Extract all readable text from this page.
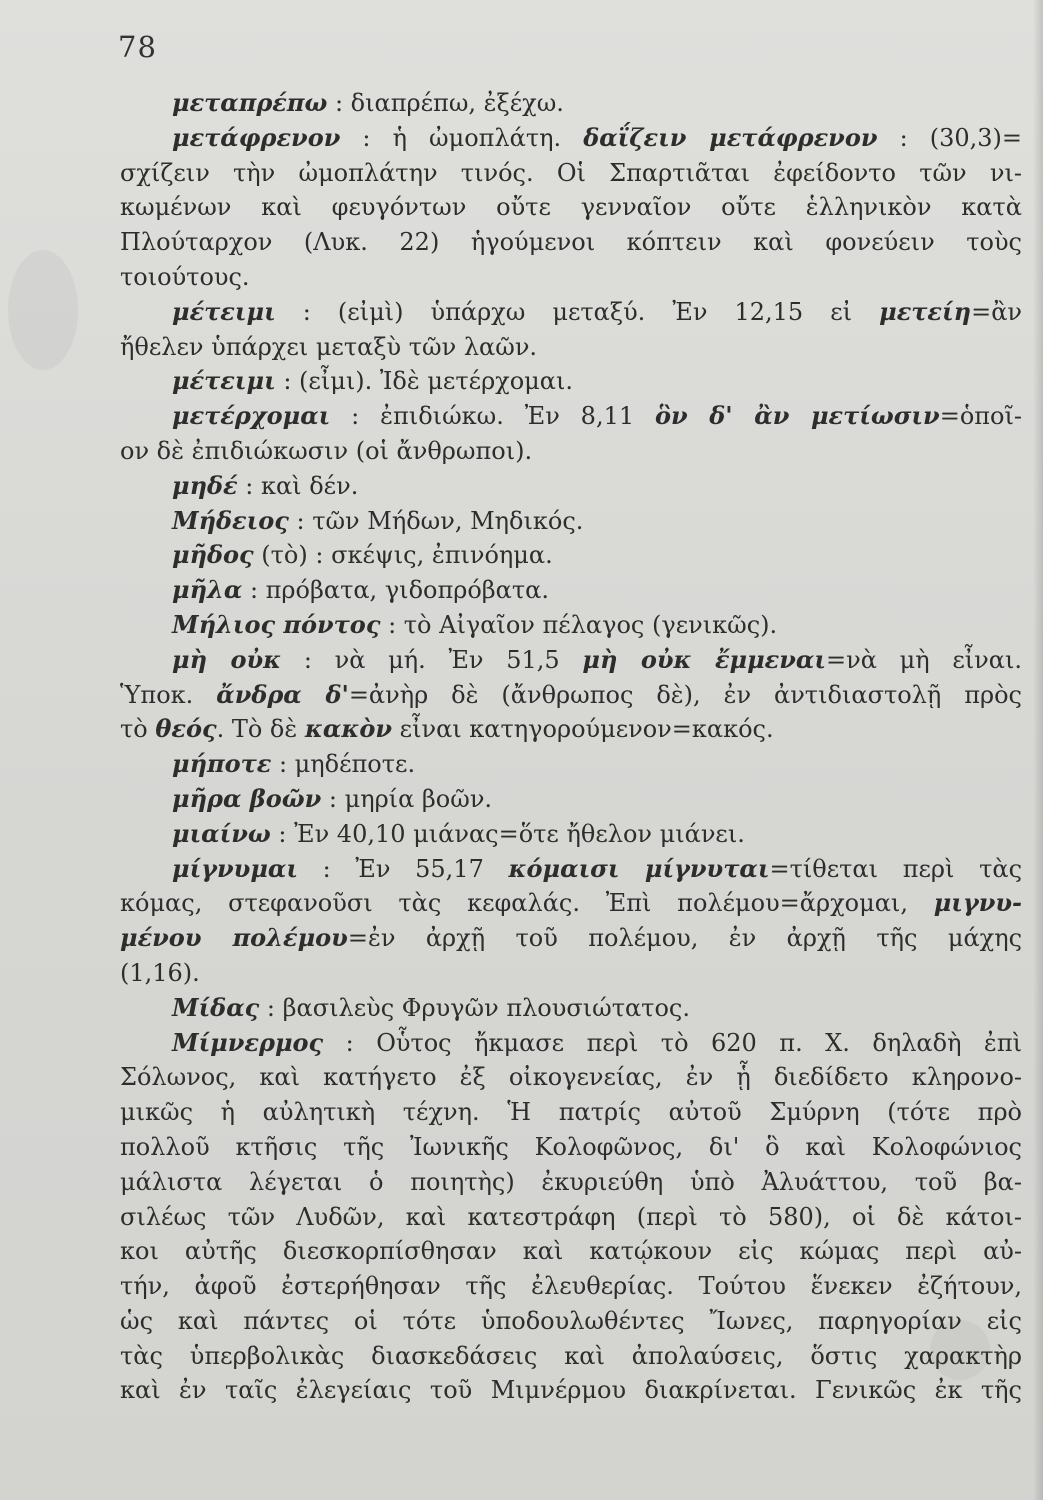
78
μεταπρέπω : διαπρέπω, ἐξέχω.
μετάφρενον : ἡ ὠμοπλάτη. δαΐζειν μετάφρενον : (30,3)=
σχίζειν τὴν ὠμοπλάτην τινός. Οἱ Σπαρτιᾶται ἐφείδοντο τῶν νι-
κωμένων καὶ φευγόντων οὔτε γενναῖον οὔτε ἑλληνικὸν κατὰ
Πλούταρχον (Λυκ. 22) ἡγούμενοι κόπτειν καὶ φονεύειν τοὺς
τοιούτους.
μέτειμι : (εἰμὶ) ὑπάρχω μεταξύ. Ἐν 12,15 εἰ μετείη=ἂν
ἤθελεν ὑπάρχει μεταξὺ τῶν λαῶν.
μέτειμι : (εἶμι). Ἰδὲ μετέρχομαι.
μετέρχομαι : ἐπιδιώκω. Ἐν 8,11 ὃν δ' ἂν μετίωσιν=ὁποῖ-
ον δὲ ἐπιδιώκωσιν (οἱ ἄνθρωποι).
μηδέ : καὶ δέν.
Μήδειος : τῶν Μήδων, Μηδικός.
μῆδος (τὸ) : σκέψις, ἐπινόημα.
μῆλα : πρόβατα, γιδοπρόβατα.
Μήλιος πόντος : τὸ Αἰγαῖον πέλαγος (γενικῶς).
μὴ οὐκ : νὰ μή. Ἐν 51,5 μὴ οὐκ ἔμμεναι=νὰ μὴ εἶναι.
Ὑποκ. ἄνδρα δ'=ἀνὴρ δὲ (ἄνθρωπος δὲ), ἐν ἀντιδιαστολῇ πρὸς
τὸ θεός. Τὸ δὲ κακὸν εἶναι κατηγορούμενον=κακός.
μήποτε : μηδέποτε.
μῆρα βοῶν : μηρία βοῶν.
μιαίνω : Ἐν 40,10 μιάνας=ὅτε ἤθελον μιάνει.
μίγνυμαι : Ἐν 55,17 κόμαισι μίγνυται=τίθεται περὶ τὰς
κόμας, στεφανοῦσι τὰς κεφαλάς. Ἐπὶ πολέμου=ἄρχομαι, μιγνυ-
μένου πολέμου=ἐν ἀρχῇ τοῦ πολέμου, ἐν ἀρχῇ τῆς μάχης
(1,16).
Μίδας : βασιλεὺς Φρυγῶν πλουσιώτατος.
Μίμνερμος : Οὗτος ἤκμασε περὶ τὸ 620 π. Χ. δηλαδὴ ἐπὶ
Σόλωνος, καὶ κατήγετο ἐξ οἰκογενείας, ἐν ᾗ διεδίδετο κληρονο-
μικῶς ἡ αὐλητικὴ τέχνη. Ἡ πατρίς αὐτοῦ Σμύρνη (τότε πρὸ
πολλοῦ κτῆσις τῆς Ἰωνικῆς Κολοφῶνος, δι' ὃ καὶ Κολοφώνιος
μάλιστα λέγεται ὁ ποιητὴς) ἐκυριεύθη ὑπὸ Ἀλυάττου, τοῦ βα-
σιλέως τῶν Λυδῶν, καὶ κατεστράφη (περὶ τὸ 580), οἱ δὲ κάτοι-
κοι αὐτῆς διεσκορπίσθησαν καὶ κατῴκουν εἰς κώμας περὶ αὐ-
τήν, ἀφοῦ ἐστερήθησαν τῆς ἐλευθερίας. Τούτου ἕνεκεν ἐζήτουν,
ὡς καὶ πάντες οἱ τότε ὑποδουλωθέντες Ἴωνες, παρηγορίαν εἰς
τὰς ὑπερβολικὰς διασκεδάσεις καὶ ἀπολαύσεις, ὅστις χαρακτὴρ
καὶ ἐν ταῖς ἐλεγείαις τοῦ Μιμνέρμου διακρίνεται. Γενικῶς ἐκ τῆς
